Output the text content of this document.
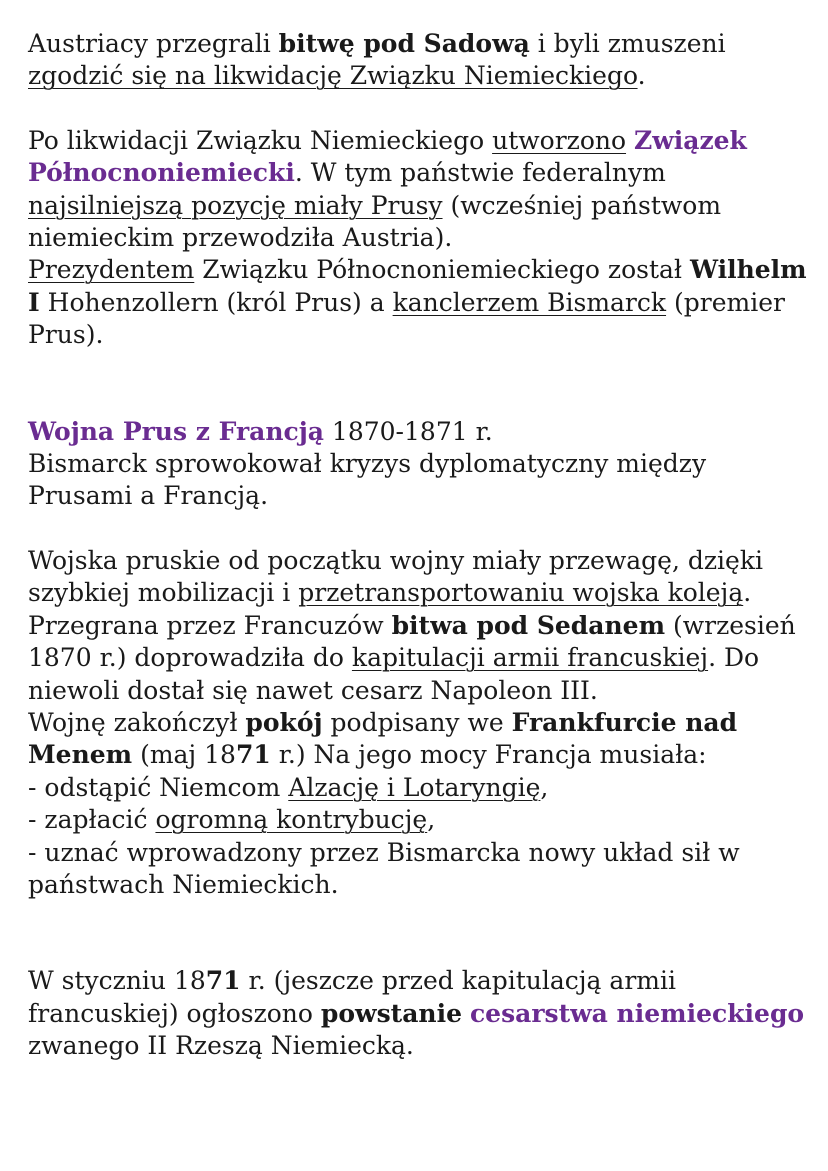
Austriacy przegrali bitwę pod Sadową i byli zmuszeni zgodzić się na likwidację Związku Niemieckiego.

Po likwidacji Związku Niemieckiego utworzono Związek Północnoniemiecki. W tym państwie federalnym najsilniejszą pozycję miały Prusy (wcześniej państwom niemieckim przewodziła Austria).

Prezydentem Związku Północnoniemieckiego został Wilhelm I Hohenzollern (król Prus) a kanclerzem Bismarck (premier Prus).

Wojna Prus z Francją 1870-1871 r.

Bismarck sprowokował kryzys dyplomatyczny między Prusami a Francją.

Wojska pruskie od początku wojny miały przewagę, dzięki szybkiej mobilizacji i przetransportowaniu wojska koleją. Przegrana przez Francuzów bitwa pod Sedanem (wrzesień 1870 r.) doprowadziła do kapitulacji armii francuskiej. Do niewoli dostał się nawet cesarz Napoleon III.

Wojnę zakończył pokój podpisany we Frankfurcie nad Menem (maj 1871 r.) Na jego mocy Francja musiała:

- odstąpić Niemcom Alzację i Lotaryngię,

- zapłacić ogromną kontrybucję,

- uznać wprowadzony przez Bismarcka nowy układ sił w państwach Niemieckich.

W styczniu 1871 r. (jeszcze przed kapitulacją armii francuskiej) ogłoszono powstanie cesarstwa niemieckiego zwanego II Rzeszą Niemiecką.
